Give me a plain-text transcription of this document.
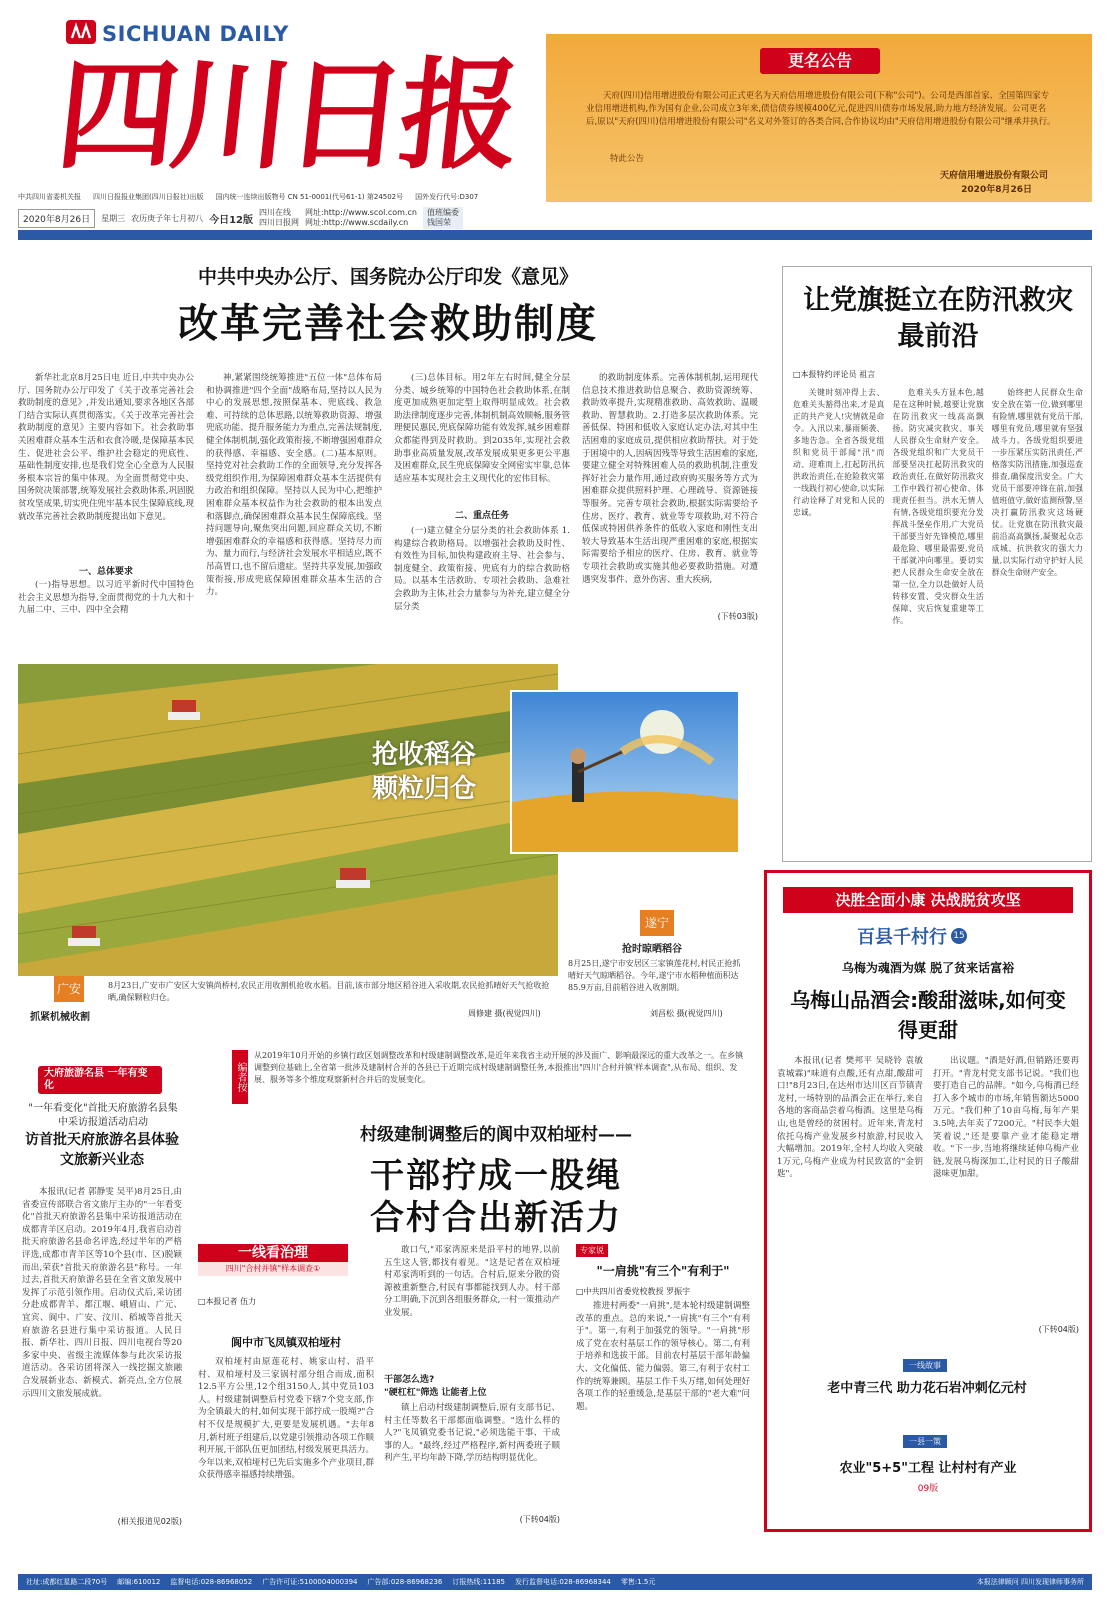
SICHUAN DAILY
四川日报
中共四川省委机关报 四川日报报业集团(四川日报社)出版 国内统一连续出版物号 CN 51-0001(代号61-1) 第24502号 国外发行代号:D307
2020年8月26日	星期三 农历庚子年七月初八 今日12版
四川在线
四川日报网
网址:http://www.scol.com.cn
网址:http://www.scdaily.cn
值班编委
钱国荣
更名公告
天府(四川)信用增进股份有限公司正式更名为天府信用增进股份有限公司(下称"公司")。公司是西部首家、全国第四家专业信用增进机构,作为国有企业,公司成立3年来,债信债券规模400亿元,促进四川债券市场发展,助力地方经济发展。公司更名后,原以"天府(四川)信用增进股份有限公司"名义对外签订的各类合同,合作协议均由"天府信用增进股份有限公司"继承并执行。
特此公告
天府信用增进股份有限公司
2020年8月26日
中共中央办公厅、国务院办公厅印发《意见》
改革完善社会救助制度
新华社北京8月25日电 近日,中共中央办公厅、国务院办公厅印发了《关于改革完善社会救助制度的意见》,并发出通知,要求各地区各部门结合实际认真贯彻落实。《关于改革完善社会救助制度的意见》主要内容如下。社会救助事关困难群众基本生活和衣食冷暖,是保障基本民生、促进社会公平、维护社会稳定的兜底性、基础性制度安排,也是我们党全心全意为人民服务根本宗旨的集中体现。为全面贯彻党中央、国务院决策部署,统筹发展社会救助体系,巩固脱贫攻坚成果,切实兜住兜牢基本民生保障底线,现就改革完善社会救助制度提出如下意见。
一、总体要求
(一)指导思想。以习近平新时代中国特色社会主义思想为指导,全面贯彻党的十九大和十九届二中、三中、四中全会精
神,紧紧围绕统筹推进"五位一体"总体布局和协调推进"四个全面"战略布局,坚持以人民为中心的发展思想,按照保基本、兜底线、救急难、可持续的总体思路,以统筹救助资源、增强兜底功能、提升服务能力为重点,完善法规制度,健全体制机制,强化政策衔接,不断增强困难群众的获得感、幸福感、安全感。(二)基本原则。坚持党对社会救助工作的全面领导,充分发挥各级党组织作用,为保障困难群众基本生活提供有力政治和组织保障。坚持以人民为中心,把维护困难群众基本权益作为社会救助的根本出发点和落脚点,确保困难群众基本民生保障底线。坚持问题导向,聚焦突出问题,回应群众关切,不断增强困难群众的幸福感和获得感。坚持尽力而为、量力而行,与经济社会发展水平相适应,既不吊高胃口,也不留后遗症。坚持共享发展,加强政策衔接,形成兜底保障困难群众基本生活的合力。
(三)总体目标。用2年左右时间,健全分层分类、城乡统筹的中国特色社会救助体系,在制度更加成熟更加定型上取得明显成效。社会救助法律制度逐步完善,体制机制高效顺畅,服务管理便民惠民,兜底保障功能有效发挥,城乡困难群众都能得到及时救助。到2035年,实现社会救助事业高质量发展,改革发展成果更多更公平惠及困难群众,民生兜底保障安全网密实牢靠,总体适应基本实现社会主义现代化的宏伟目标。
二、重点任务
(一)建立健全分层分类的社会救助体系 1.构建综合救助格局。以增强社会救助及时性、有效性为目标,加快构建政府主导、社会参与、制度健全、政策衔接、兜底有力的综合救助格局。以基本生活救助、专项社会救助、急难社会救助为主体,社会力量参与为补充,建立健全分层分类
的救助制度体系。完善体制机制,运用现代信息技术推进救助信息聚合、救助资源统筹、救助效率提升,实现精准救助、高效救助、温暖救助、智慧救助。2.打造多层次救助体系。完善低保、特困和低收入家庭认定办法,对其中生活困难的家庭成员,提供相应救助帮扶。对于处于困境中的人,因病因残等导致生活困难的家庭,要建立健全对特殊困难人员的救助机制,注重发挥好社会力量作用,通过政府购买服务等方式为困难群众提供照料护理、心理疏导、资源链接等服务。完善专项社会救助,根据实际需要给予住房、医疗、教育、就业等专项救助,对不符合低保或特困供养条件的低收入家庭和刚性支出较大导致基本生活出现严重困难的家庭,根据实际需要给予相应的医疗、住房、教育、就业等专项社会救助或实施其他必要救助措施。对遭遇突发事件、意外伤害、重大疾病,
(下转03版)
让党旗挺立在防汛救灾最前沿
□本报特约评论员 祖言
关键时刻冲得上去、危难关头豁得出来,才是真正的共产党人!灾情就是命令。入汛以来,暴雨频袭、多地告急。全省各级党组织和党员干部闻"汛"而动、迎难而上,扛起防汛抗洪政治责任,在抢险救灾第一线践行初心使命,以实际行动诠释了对党和人民的忠诚。
危难关头方显本色,越是在这种时候,越要让党旗在防汛救灾一线高高飘扬。防灾减灾救灾、事关人民群众生命财产安全。各级党组织和广大党员干部要坚决扛起防汛救灾的政治责任,在做好防汛救灾工作中践行初心使命、体现责任担当。洪水无情人有情,各级党组织要充分发挥战斗堡垒作用,广大党员干部要当好先锋模范,哪里最危险、哪里最需要,党员干部就冲向哪里。要切实把人民群众生命安全放在第一位,全力以赴做好人员转移安置、受灾群众生活保障、灾后恢复重建等工作。
始终把人民群众生命安全放在第一位,做到哪里有险情,哪里就有党员干部,哪里有党员,哪里就有坚强战斗力。各级党组织要进一步压紧压实防汛责任,严格落实防汛措施,加强巡查排查,确保度汛安全。广大党员干部要冲锋在前,加强值班值守,做好监测预警,坚决打赢防汛救灾这场硬仗。让党旗在防汛救灾最前沿高高飘扬,凝聚起众志成城、抗洪救灾的强大力量,以实际行动守护好人民群众生命财产安全。
抢收稻谷 颗粒归仓
广安
抓紧机械收割
遂宁
抢时晾晒稻谷
8月23日,广安市广安区大安镇尚桥村,农民正用收割机抢收水稻。目前,该市部分地区稻谷进入采收期,农民抢抓晴好天气抢收抢晒,确保颗粒归仓。
周修建 摄(视觉四川)
8月25日,遂宁市安居区三家镇莲花村,村民正抢抓晴好天气晾晒稻谷。今年,遂宁市水稻种植面积达85.9万亩,目前稻谷进入收割期。
刘昌松 摄(视觉四川)
大府旅游名县 一年有变化
"一年看变化"首批天府旅游名县集中采访报道活动启动
访首批天府旅游名县体验文旅新兴业态
本报讯(记者 郭静雯 吴平)8月25日,由省委宣传部联合省文旅厅主办的"一年看变化"首批天府旅游名县集中采访报道活动在成都青羊区启动。2019年4月,我省启动首批天府旅游名县命名评选,经过半年的严格评选,成都市青羊区等10个县(市、区)脱颖而出,荣获"首批天府旅游名县"称号。一年过去,首批天府旅游名县在全省文旅发展中发挥了示范引领作用。启动仪式后,采访团分赴成都青羊、都江堰、峨眉山、广元、宜宾、阆中、广安、汶川、稻城等首批天府旅游名县进行集中采访报道。人民日报、新华社、四川日报、四川电视台等20多家中央、省级主流媒体参与此次采访报道活动。各采访团将深入一线挖掘文旅融合发展新业态、新模式、新亮点,全方位展示四川文旅发展成就。
(相关报道见02版)
编者按
从2019年10月开始的乡镇行政区划调整改革和村级建制调整改革,是近年来我省主动开展的涉及面广、影响最深远的重大改革之一。在乡镇调整到位基础上,全省第一批涉及建制村合并的各县已于近期完成村级建制调整任务,本报推出"四川'合村并镇'样本调查",从布局、组织、发展、服务等多个维度观察新村合并后的发展变化。
村级建制调整后的阆中双柏垭村——
干部拧成一股绳
合村合出新活力
一线看治理
四川"合村并镇"样本调查①
□本报记者 伍力
阆中市飞凤镇双柏垭村
双柏垭村由原莲花村、姚家山村、沿平村、双柏垭村及三家锅村部分组合而成,面积12.5平方公里,12个组3150人,其中党员103人。村级建制调整后村党委下辖7个党支部,作为全镇最大的村,如何实现干部拧成一股绳?"合村不仅是规模扩大,更要是发展机遇。"去年8月,新村班子组建后,以党建引领推动各项工作顺利开展,干部队伍更加团结,村级发展更具活力。今年以来,双柏垭村已先后实施多个产业项目,群众获得感幸福感持续增强。
敢口气,"邓家湾原来是沿平村的地界,以前五生这人管,都找有着见。"这是记者在双柏垭村邓家湾听到的一句话。合村后,原来分散的资源被重新整合,村民有事都能找到人办。村干部分工明确,下沉到各组服务群众,一村一策推动产业发展。
干部怎么选?
"硬杠杠"筛选 让能者上位
镇上启动村级建制调整后,原有支部书记、村主任等数名干部都面临调整。"选什么样的人?"飞凤镇党委书记说,"必须选能干事、干成事的人。"最终,经过严格程序,新村两委班子顺利产生,平均年龄下降,学历结构明显优化。
(下转04版)
专家说
"一肩挑"有三个"有利于"
□中共四川省委党校教授 罗振宇
推进村两委"一肩挑",是本轮村级建制调整改革的重点。总的来说,"一肩挑"有三个"有利于"。第一,有利于加强党的领导。"一肩挑"形成了党在农村基层工作的领导核心。第二,有利于培养和选拔干部。目前农村基层干部年龄偏大、文化偏低、能力偏弱。第三,有利于农村工作的统筹兼顾。基层工作千头万绪,如何处理好各项工作的轻重缓急,是基层干部的"老大难"问题。
决胜全面小康 决战脱贫攻坚
百县千村行 15
乌梅为魂酒为媒 脱了贫来话富裕
乌梅山品酒会:酸甜滋味,如何变得更甜
本报讯(记者 樊邦平 吴晓铃 袁敏 袁城霖)"味道有点酸,还有点甜,酸甜可口!"8月23日,在达州市达川区百节镇青龙村,一场特别的品酒会正在举行,来自各地的客商品尝着乌梅酒。这里是乌梅山,也是曾经的贫困村。近年来,青龙村依托乌梅产业发展乡村旅游,村民收入大幅增加。2019年,全村人均收入突破1万元,乌梅产业成为村民致富的"金钥匙"。
出议题。"酒是好酒,但销路还要再打开。"青龙村党支部书记说。"我们也要打造自己的品牌。"如今,乌梅酒已经打入多个城市的市场,年销售额达5000万元。"我们种了10亩乌梅,每年产果3.5吨,去年卖了7200元。"村民李大姐笑着说,"还是要靠产业才能稳定增收。"下一步,当地将继续延伸乌梅产业链,发展乌梅深加工,让村民的日子酸甜滋味更加甜。
(下转04版)
一线故事
老中青三代 助力花石岩冲刺亿元村
一县一策
农业"5+5"工程 让村村有产业
09版
社址:成都红星路二段70号 邮编:610012 监督电话:028-86968052 广告许可证:5100004000394 广告部:028-86968236 订报热线:11185 发行监督电话:028-86968344 零售:1.5元	本报法律顾问 四川发现律师事务所
